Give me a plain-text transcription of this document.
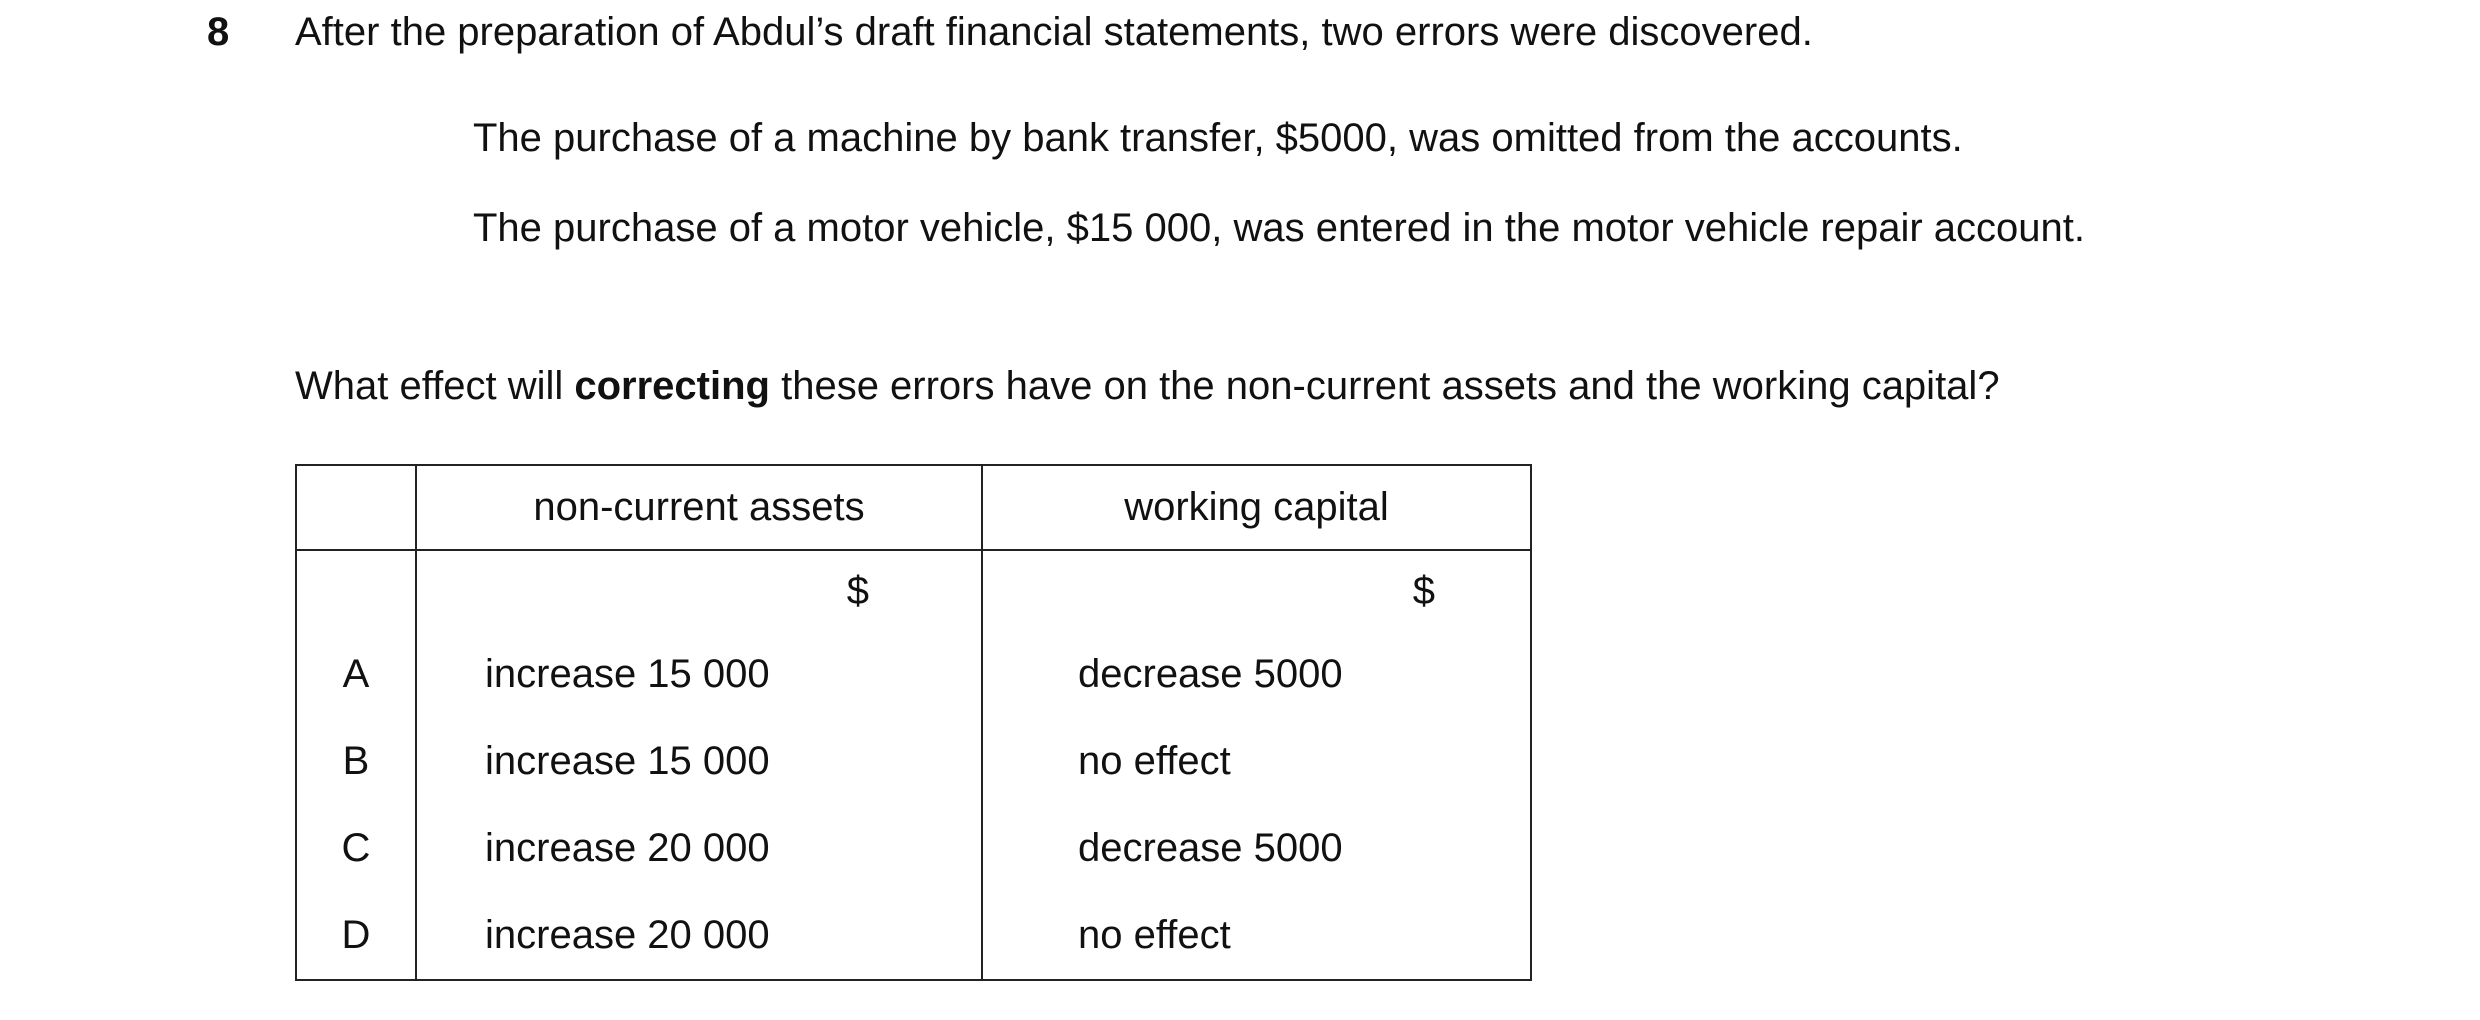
8 After the preparation of Abdul’s draft financial statements, two errors were discovered.
The purchase of a machine by bank transfer, $5000, was omitted from the accounts.
The purchase of a motor vehicle, $15 000, was entered in the motor vehicle repair account.
What effect will correcting these errors have on the non-current assets and the working capital?
	non-current assets	working capital
	$	$
A	increase 15 000	decrease 5000
B	increase 15 000	no effect
C	increase 20 000	decrease 5000
D	increase 20 000	no effect
